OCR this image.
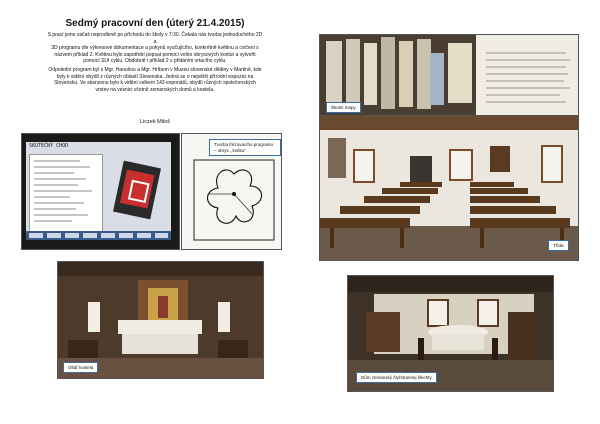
Sedmý pracovní den (úterý 21.4.2015)
S prací jsme začali neprodleně po příchodu do školy v 7:30. Čekala nás tvorba jednoduchého 2D
a
3D programu dle výkresové dokumentace a pokynů vyučujícího, konkrétně květinu a cvičení s
názvem příklad 2. Květinu bylo zapotřebí popsat pomocí volno obrysových kontur a vytvořit
pomocí SUI cyklu. Obdobně i příklad 2 s přidáním vrtacího cyklu.
Odpolední program byl s Mgr. Hanušou a Mgr. Hríbem v Muzeu slovenské dědiny v Martině, kde
byly k vidění obydlí z různých oblastí Slovenska. Jedná se o největší přírodní expozici na
Slovensku. Ve skanzenu bylo k vidění celkem 143 exponátů, obydlí různých společenských
vrstev na vesnici včetně zemanských domů a kostela.
Liczek Miloš
SKUTEČNÝ CHOD	Tvorba frézovacího programu – obrys ,,kvítku"
Školní mapy
Třída
Oltář kostela
Dům zemanský čtyřstrannej šlechty
